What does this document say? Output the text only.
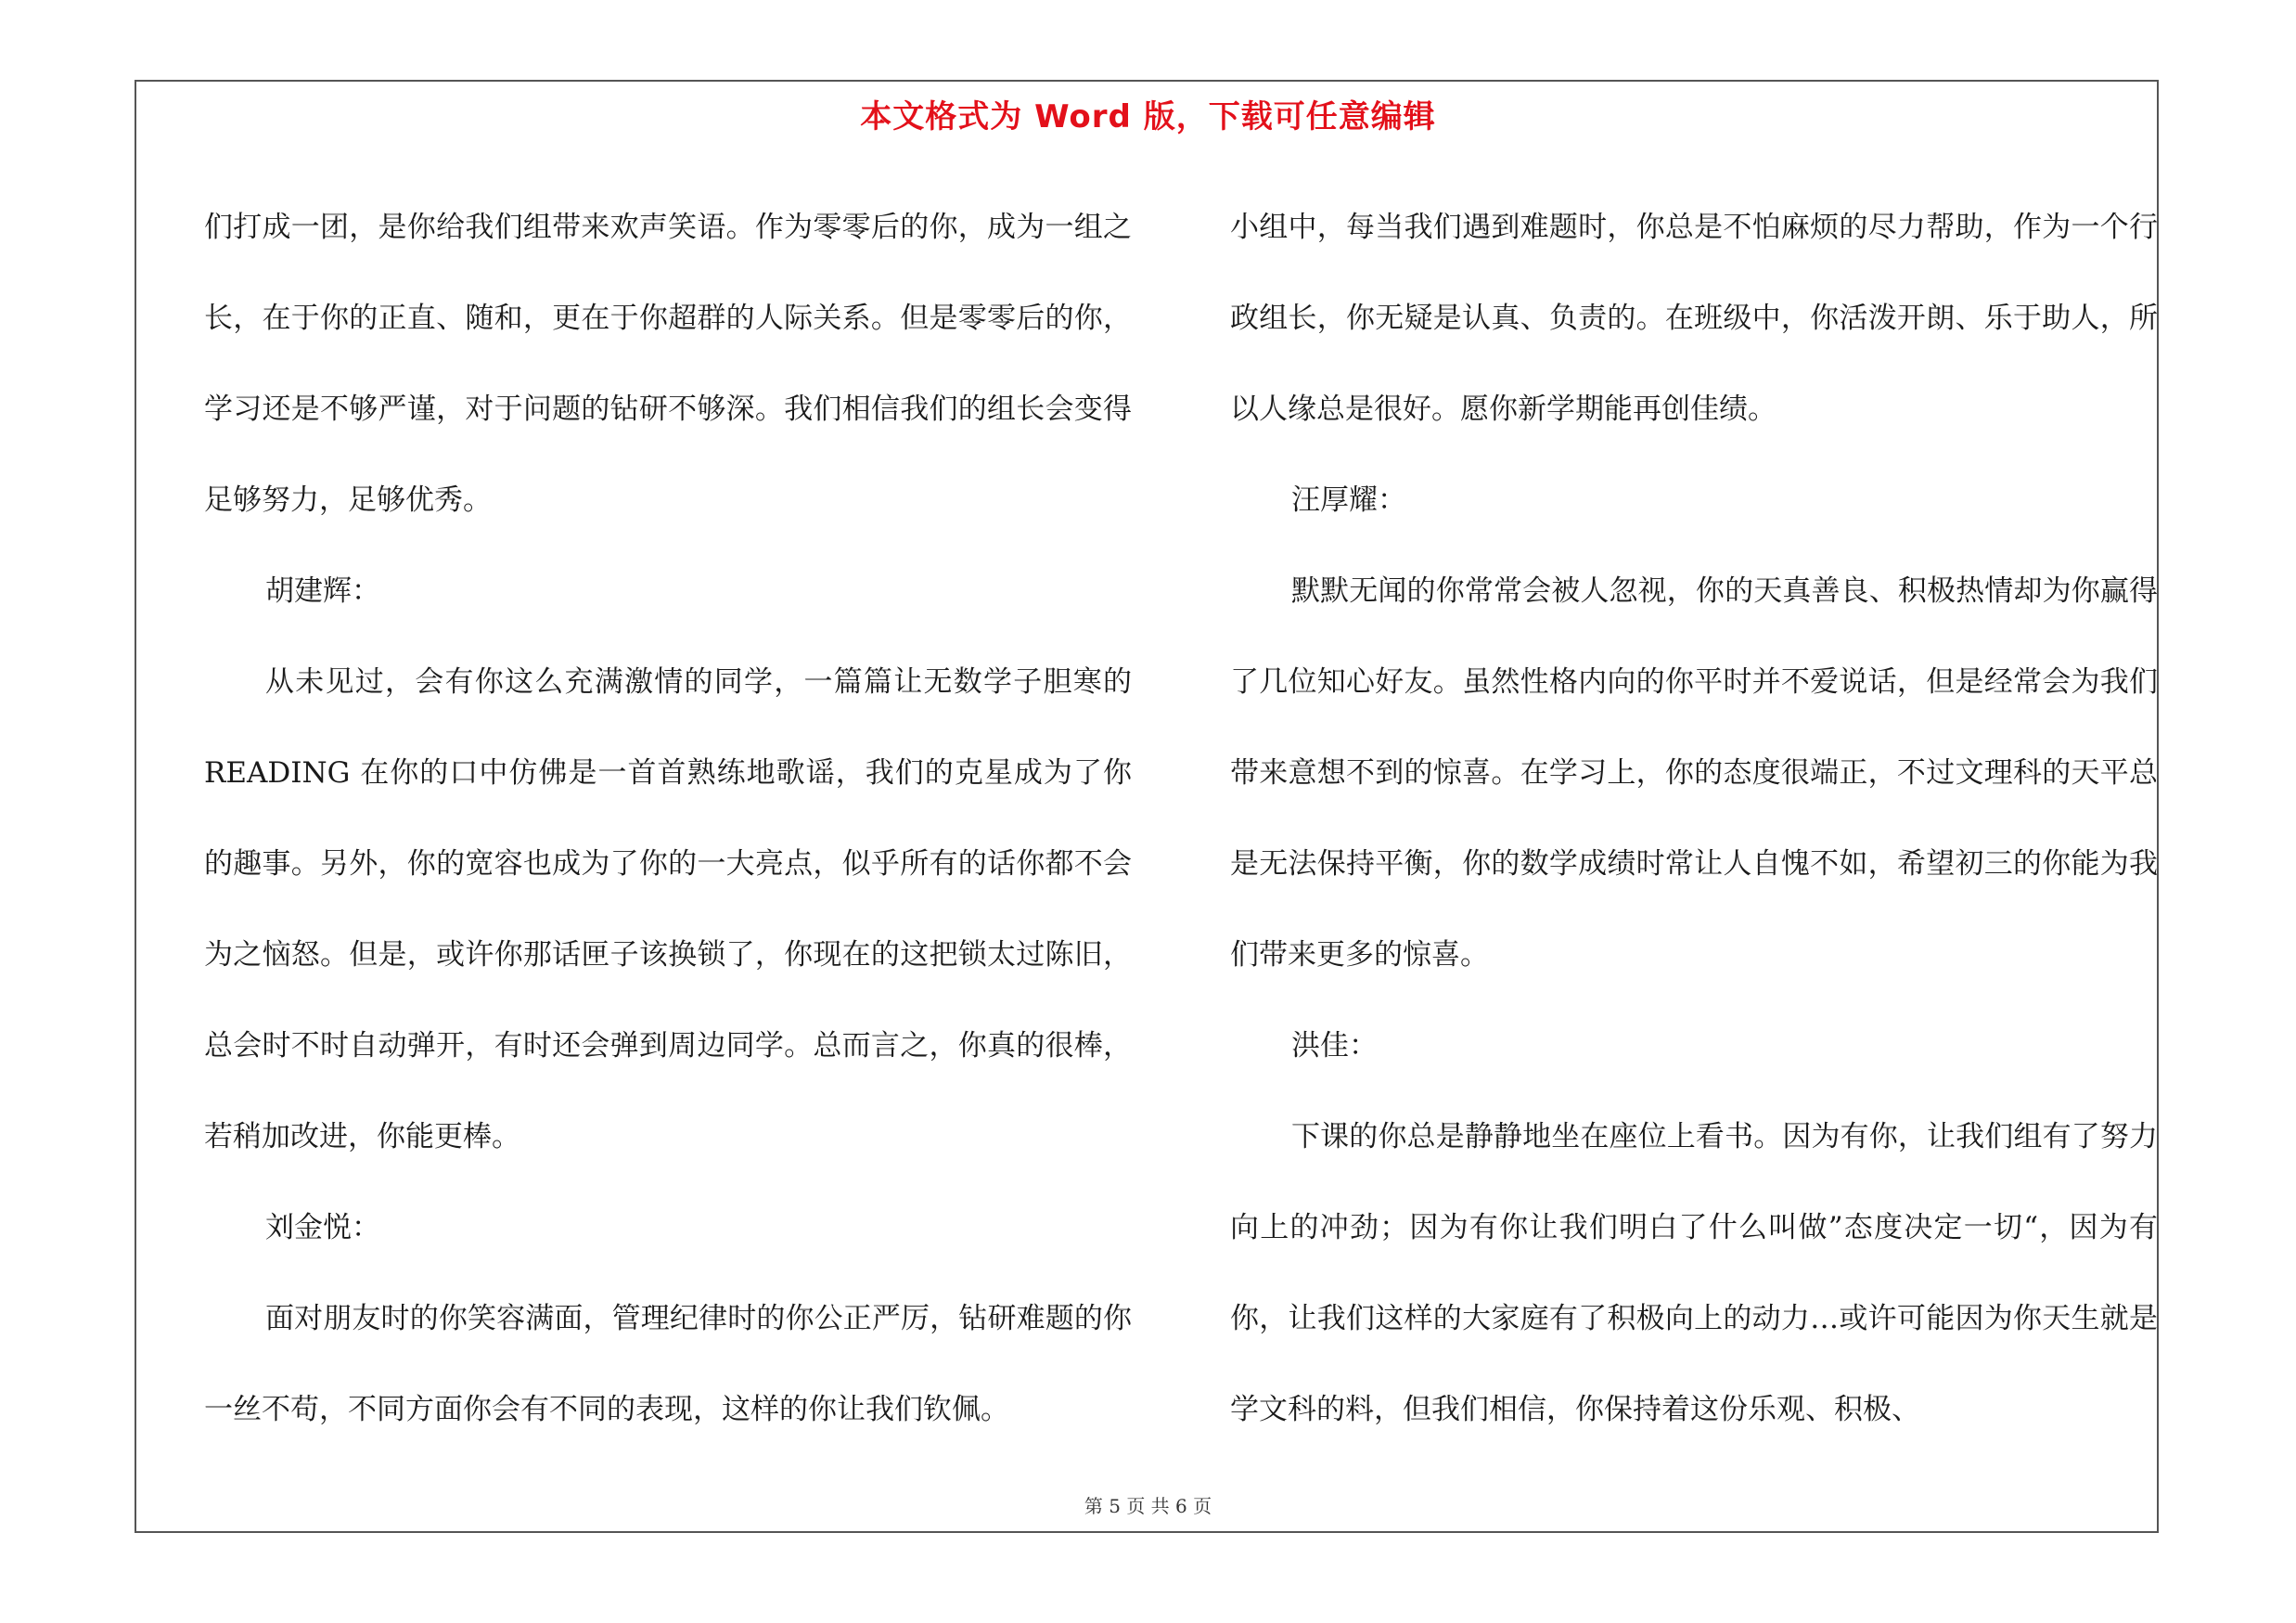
本文格式为 Word 版，下载可任意编辑

们打成一团，是你给我们组带来欢声笑语。作为零零后的你，成为一组之长，在于你的正直、随和，更在于你超群的人际关系。但是零零后的你，学习还是不够严谨，对于问题的钻研不够深。我们相信我们的组长会变得足够努力，足够优秀。

胡建辉：

从未见过，会有你这么充满激情的同学，一篇篇让无数学子胆寒的 READING 在你的口中仿佛是一首首熟练地歌谣，我们的克星成为了你的趣事。另外，你的宽容也成为了你的一大亮点，似乎所有的话你都不会为之恼怒。但是，或许你那话匣子该换锁了，你现在的这把锁太过陈旧，总会时不时自动弹开，有时还会弹到周边同学。总而言之，你真的很棒，若稍加改进，你能更棒。

刘金悦：

面对朋友时的你笑容满面，管理纪律时的你公正严厉，钻研难题的你一丝不苟，不同方面你会有不同的表现，这样的你让我们钦佩。

小组中，每当我们遇到难题时，你总是不怕麻烦的尽力帮助，作为一个行政组长，你无疑是认真、负责的。在班级中，你活泼开朗、乐于助人，所以人缘总是很好。愿你新学期能再创佳绩。

汪厚耀：

默默无闻的你常常会被人忽视，你的天真善良、积极热情却为你赢得了几位知心好友。虽然性格内向的你平时并不爱说话，但是经常会为我们带来意想不到的惊喜。在学习上，你的态度很端正，不过文理科的天平总是无法保持平衡，你的数学成绩时常让人自愧不如，希望初三的你能为我们带来更多的惊喜。

洪佳：

下课的你总是静静地坐在座位上看书。因为有你，让我们组有了努力向上的冲劲；因为有你让我们明白了什么叫做”态度决定一切“，因为有你，让我们这样的大家庭有了积极向上的动力…或许可能因为你天生就是学文科的料，但我们相信，你保持着这份乐观、积极、

第 5 页 共 6 页
